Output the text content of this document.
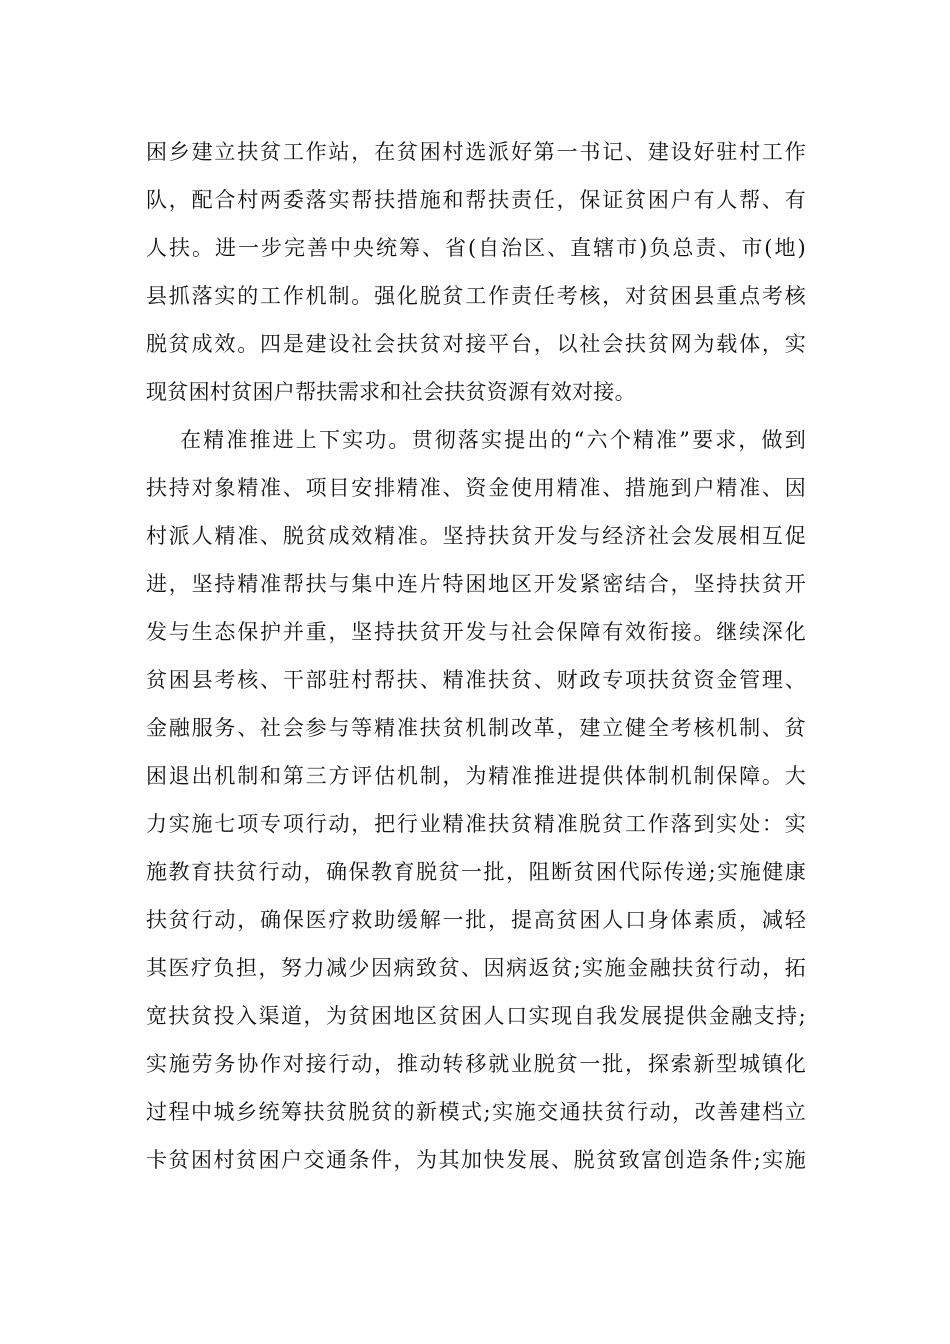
困乡建立扶贫工作站，在贫困村选派好第一书记、建设好驻村工作
队，配合村两委落实帮扶措施和帮扶责任，保证贫困户有人帮、有
人扶。进一步完善中央统筹、省(自治区、直辖市)负总责、市(地)
县抓落实的工作机制。强化脱贫工作责任考核，对贫困县重点考核
脱贫成效。四是建设社会扶贫对接平台，以社会扶贫网为载体，实
现贫困村贫困户帮扶需求和社会扶贫资源有效对接。
在精准推进上下实功。贯彻落实提出的“六个精准”要求，做到
扶持对象精准、项目安排精准、资金使用精准、措施到户精准、因
村派人精准、脱贫成效精准。坚持扶贫开发与经济社会发展相互促
进，坚持精准帮扶与集中连片特困地区开发紧密结合，坚持扶贫开
发与生态保护并重，坚持扶贫开发与社会保障有效衔接。继续深化
贫困县考核、干部驻村帮扶、精准扶贫、财政专项扶贫资金管理、
金融服务、社会参与等精准扶贫机制改革，建立健全考核机制、贫
困退出机制和第三方评估机制，为精准推进提供体制机制保障。大
力实施七项专项行动，把行业精准扶贫精准脱贫工作落到实处：实
施教育扶贫行动，确保教育脱贫一批，阻断贫困代际传递;实施健康
扶贫行动，确保医疗救助缓解一批，提高贫困人口身体素质，减轻
其医疗负担，努力减少因病致贫、因病返贫;实施金融扶贫行动，拓
宽扶贫投入渠道，为贫困地区贫困人口实现自我发展提供金融支持;
实施劳务协作对接行动，推动转移就业脱贫一批，探索新型城镇化
过程中城乡统筹扶贫脱贫的新模式;实施交通扶贫行动，改善建档立
卡贫困村贫困户交通条件，为其加快发展、脱贫致富创造条件;实施
